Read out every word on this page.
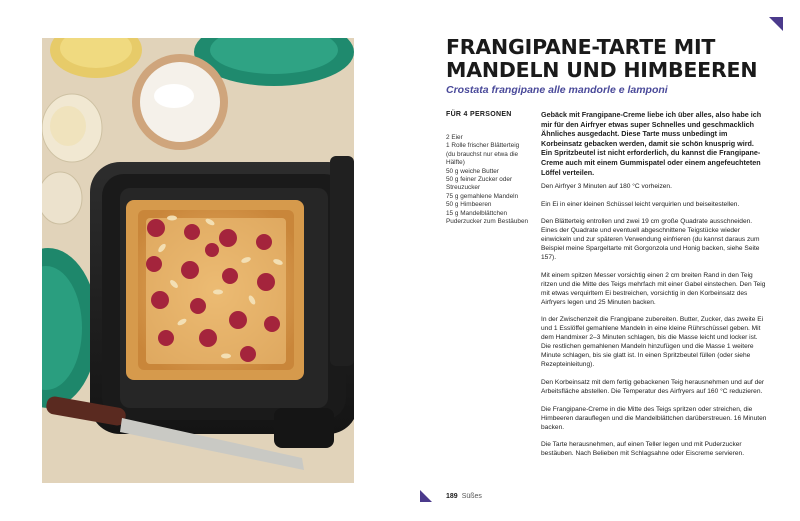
FRANGIPANE-TARTE MIT MANDELN UND HIMBEEREN

Crostata frangipane alle mandorle e lamponi

FÜR 4 PERSONEN

2 Eier
1 Rolle frischer Blätterteig (du brauchst nur etwa die Hälfte)
50 g weiche Butter
50 g feiner Zucker oder Streuzucker
75 g gemahlene Mandeln
50 g Himbeeren
15 g Mandelblättchen
Puderzucker zum Bestäuben

Gebäck mit Frangipane-Creme liebe ich über alles, also habe ich mir für den Airfryer etwas super Schnelles und geschmacklich Ähnliches ausgedacht. Diese Tarte muss unbedingt im Korbeinsatz gebacken werden, damit sie schön knusprig wird. Ein Spritzbeutel ist nicht erforderlich, du kannst die Frangipane-Creme auch mit einem Gummispatel oder einem angefeuchteten Löffel verteilen.

Den Airfryer 3 Minuten auf 180 °C vorheizen.

Ein Ei in einer kleinen Schüssel leicht verquirlen und beiseitestellen.

Den Blätterteig entrollen und zwei 19 cm große Quadrate ausschneiden. Eines der Quadrate und eventuell abgeschnittene Teigstücke wieder einwickeln und zur späteren Verwendung einfrieren (du kannst daraus zum Beispiel meine Spargeltarte mit Gorgonzola und Honig backen, siehe Seite 157).

Mit einem spitzen Messer vorsichtig einen 2 cm breiten Rand in den Teig ritzen und die Mitte des Teigs mehrfach mit einer Gabel einstechen. Den Teig mit etwas verquirltem Ei bestreichen, vorsichtig in den Korbeinsatz des Airfryers legen und 25 Minuten backen.

In der Zwischenzeit die Frangipane zubereiten. Butter, Zucker, das zweite Ei und 1 Esslöffel gemahlene Mandeln in eine kleine Rührschüssel geben. Mit dem Handmixer 2–3 Minuten schlagen, bis die Masse leicht und locker ist. Die restlichen gemahlenen Mandeln hinzufügen und die Masse 1 weitere Minute schlagen, bis sie glatt ist. In einen Spritzbeutel füllen (oder siehe Rezepteinleitung).

Den Korbeinsatz mit dem fertig gebackenen Teig herausnehmen und auf der Arbeitsfläche abstellen. Die Temperatur des Airfryers auf 160 °C reduzieren.

Die Frangipane-Creme in die Mitte des Teigs spritzen oder streichen, die Himbeeren darauflegen und die Mandelblättchen darüberstreuen. 16 Minuten backen.

Die Tarte herausnehmen, auf einen Teller legen und mit Puderzucker bestäuben. Nach Belieben mit Schlagsahne oder Eiscreme servieren.

189 Süßes
